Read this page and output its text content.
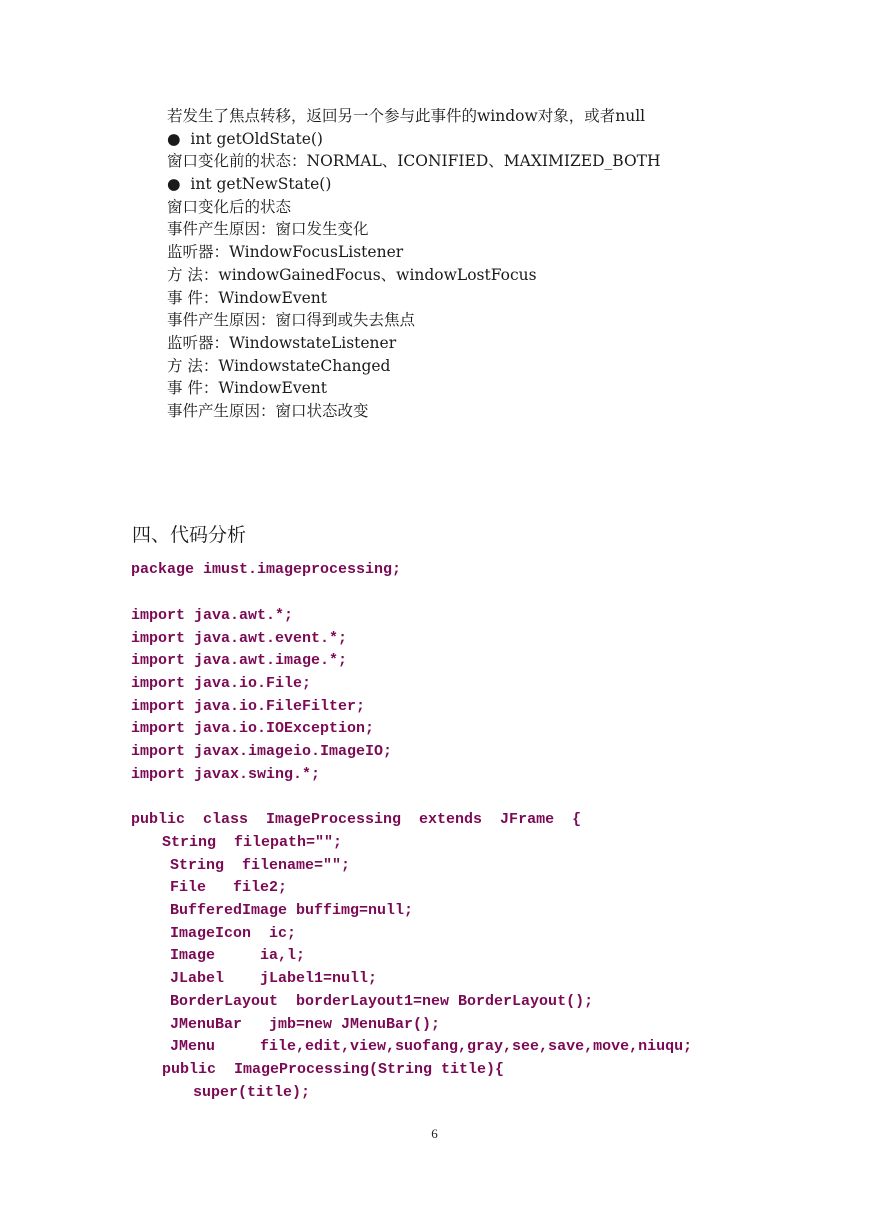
若发生了焦点转移，返回另一个参与此事件的window对象，或者null
●  int getOldState()
窗口变化前的状态：NORMAL、ICONIFIED、MAXIMIZED_BOTH
●  int getNewState()
窗口变化后的状态
事件产生原因：窗口发生变化
监听器：WindowFocusListener
方 法：windowGainedFocus、windowLostFocus
事 件：WindowEvent
事件产生原因：窗口得到或失去焦点
监听器：WindowstateListener
方 法：WindowstateChanged
事 件：WindowEvent
事件产生原因：窗口状态改变
四、代码分析
package imust.imageprocessing;
import java.awt.*;
import java.awt.event.*;
import java.awt.image.*;
import java.io.File;
import java.io.FileFilter;
import java.io.IOException;
import javax.imageio.ImageIO;
import javax.swing.*;
public  class  ImageProcessing  extends  JFrame  {
String  filepath="";
String  filename="";
File   file2;
BufferedImage buffimg=null;
ImageIcon  ic;
Image     ia,l;
JLabel    jLabel1=null;
BorderLayout  borderLayout1=new BorderLayout();
JMenuBar   jmb=new JMenuBar();
JMenu     file,edit,view,suofang,gray,see,save,move,niuqu;
public  ImageProcessing(String title){
super(title);
6
